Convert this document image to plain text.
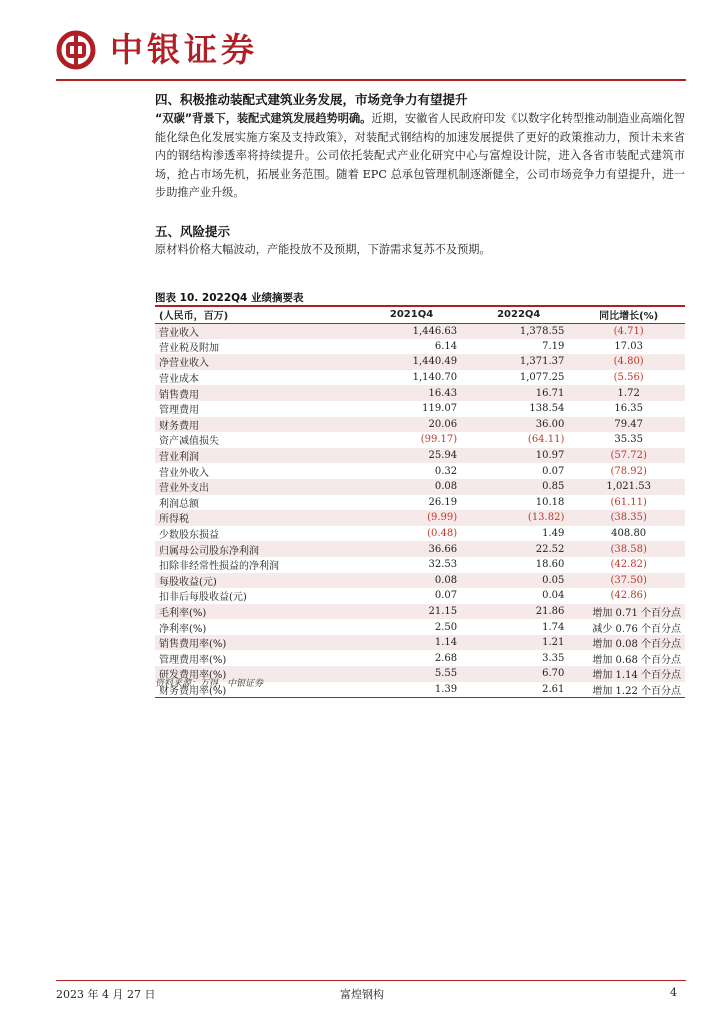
中银证券
四、积极推动装配式建筑业务发展，市场竞争力有望提升
“双碳”背景下，装配式建筑发展趋势明确。近期，安徽省人民政府印发《以数字化转型推动制造业高端化智能化绿色化发展实施方案及支持政策》，对装配式钢结构的加速发展提供了更好的政策推动力，预计未来省内的钢结构渗透率将持续提升。公司依托装配式产业化研究中心与富煌设计院，进入各省市装配式建筑市场，抢占市场先机，拓展业务范围。随着 EPC 总承包管理机制逐渐健全，公司市场竞争力有望提升，进一步助推产业升级。
五、风险提示
原材料价格大幅波动，产能投放不及预期，下游需求复苏不及预期。
图表 10. 2022Q4 业绩摘要表
(人民币，百万)	2021Q4	2022Q4	同比增长(%)
营业收入	1,446.63	1,378.55	(4.71)
营业税及附加	6.14	7.19	17.03
净营业收入	1,440.49	1,371.37	(4.80)
营业成本	1,140.70	1,077.25	(5.56)
销售费用	16.43	16.71	1.72
管理费用	119.07	138.54	16.35
财务费用	20.06	36.00	79.47
资产减值损失	(99.17)	(64.11)	35.35
营业利润	25.94	10.97	(57.72)
营业外收入	0.32	0.07	(78.92)
营业外支出	0.08	0.85	1,021.53
利润总额	26.19	10.18	(61.11)
所得税	(9.99)	(13.82)	(38.35)
少数股东损益	(0.48)	1.49	408.80
归属母公司股东净利润	36.66	22.52	(38.58)
扣除非经常性损益的净利润	32.53	18.60	(42.82)
每股收益(元)	0.08	0.05	(37.50)
扣非后每股收益(元)	0.07	0.04	(42.86)
毛利率(%)	21.15	21.86	增加 0.71 个百分点
净利率(%)	2.50	1.74	减少 0.76 个百分点
销售费用率(%)	1.14	1.21	增加 0.08 个百分点
管理费用率(%)	2.68	3.35	增加 0.68 个百分点
研发费用率(%)	5.55	6.70	增加 1.14 个百分点
财务费用率(%)	1.39	2.61	增加 1.22 个百分点
资料来源：万得，中银证券
2023 年 4 月 27 日	富煌钢构	4
